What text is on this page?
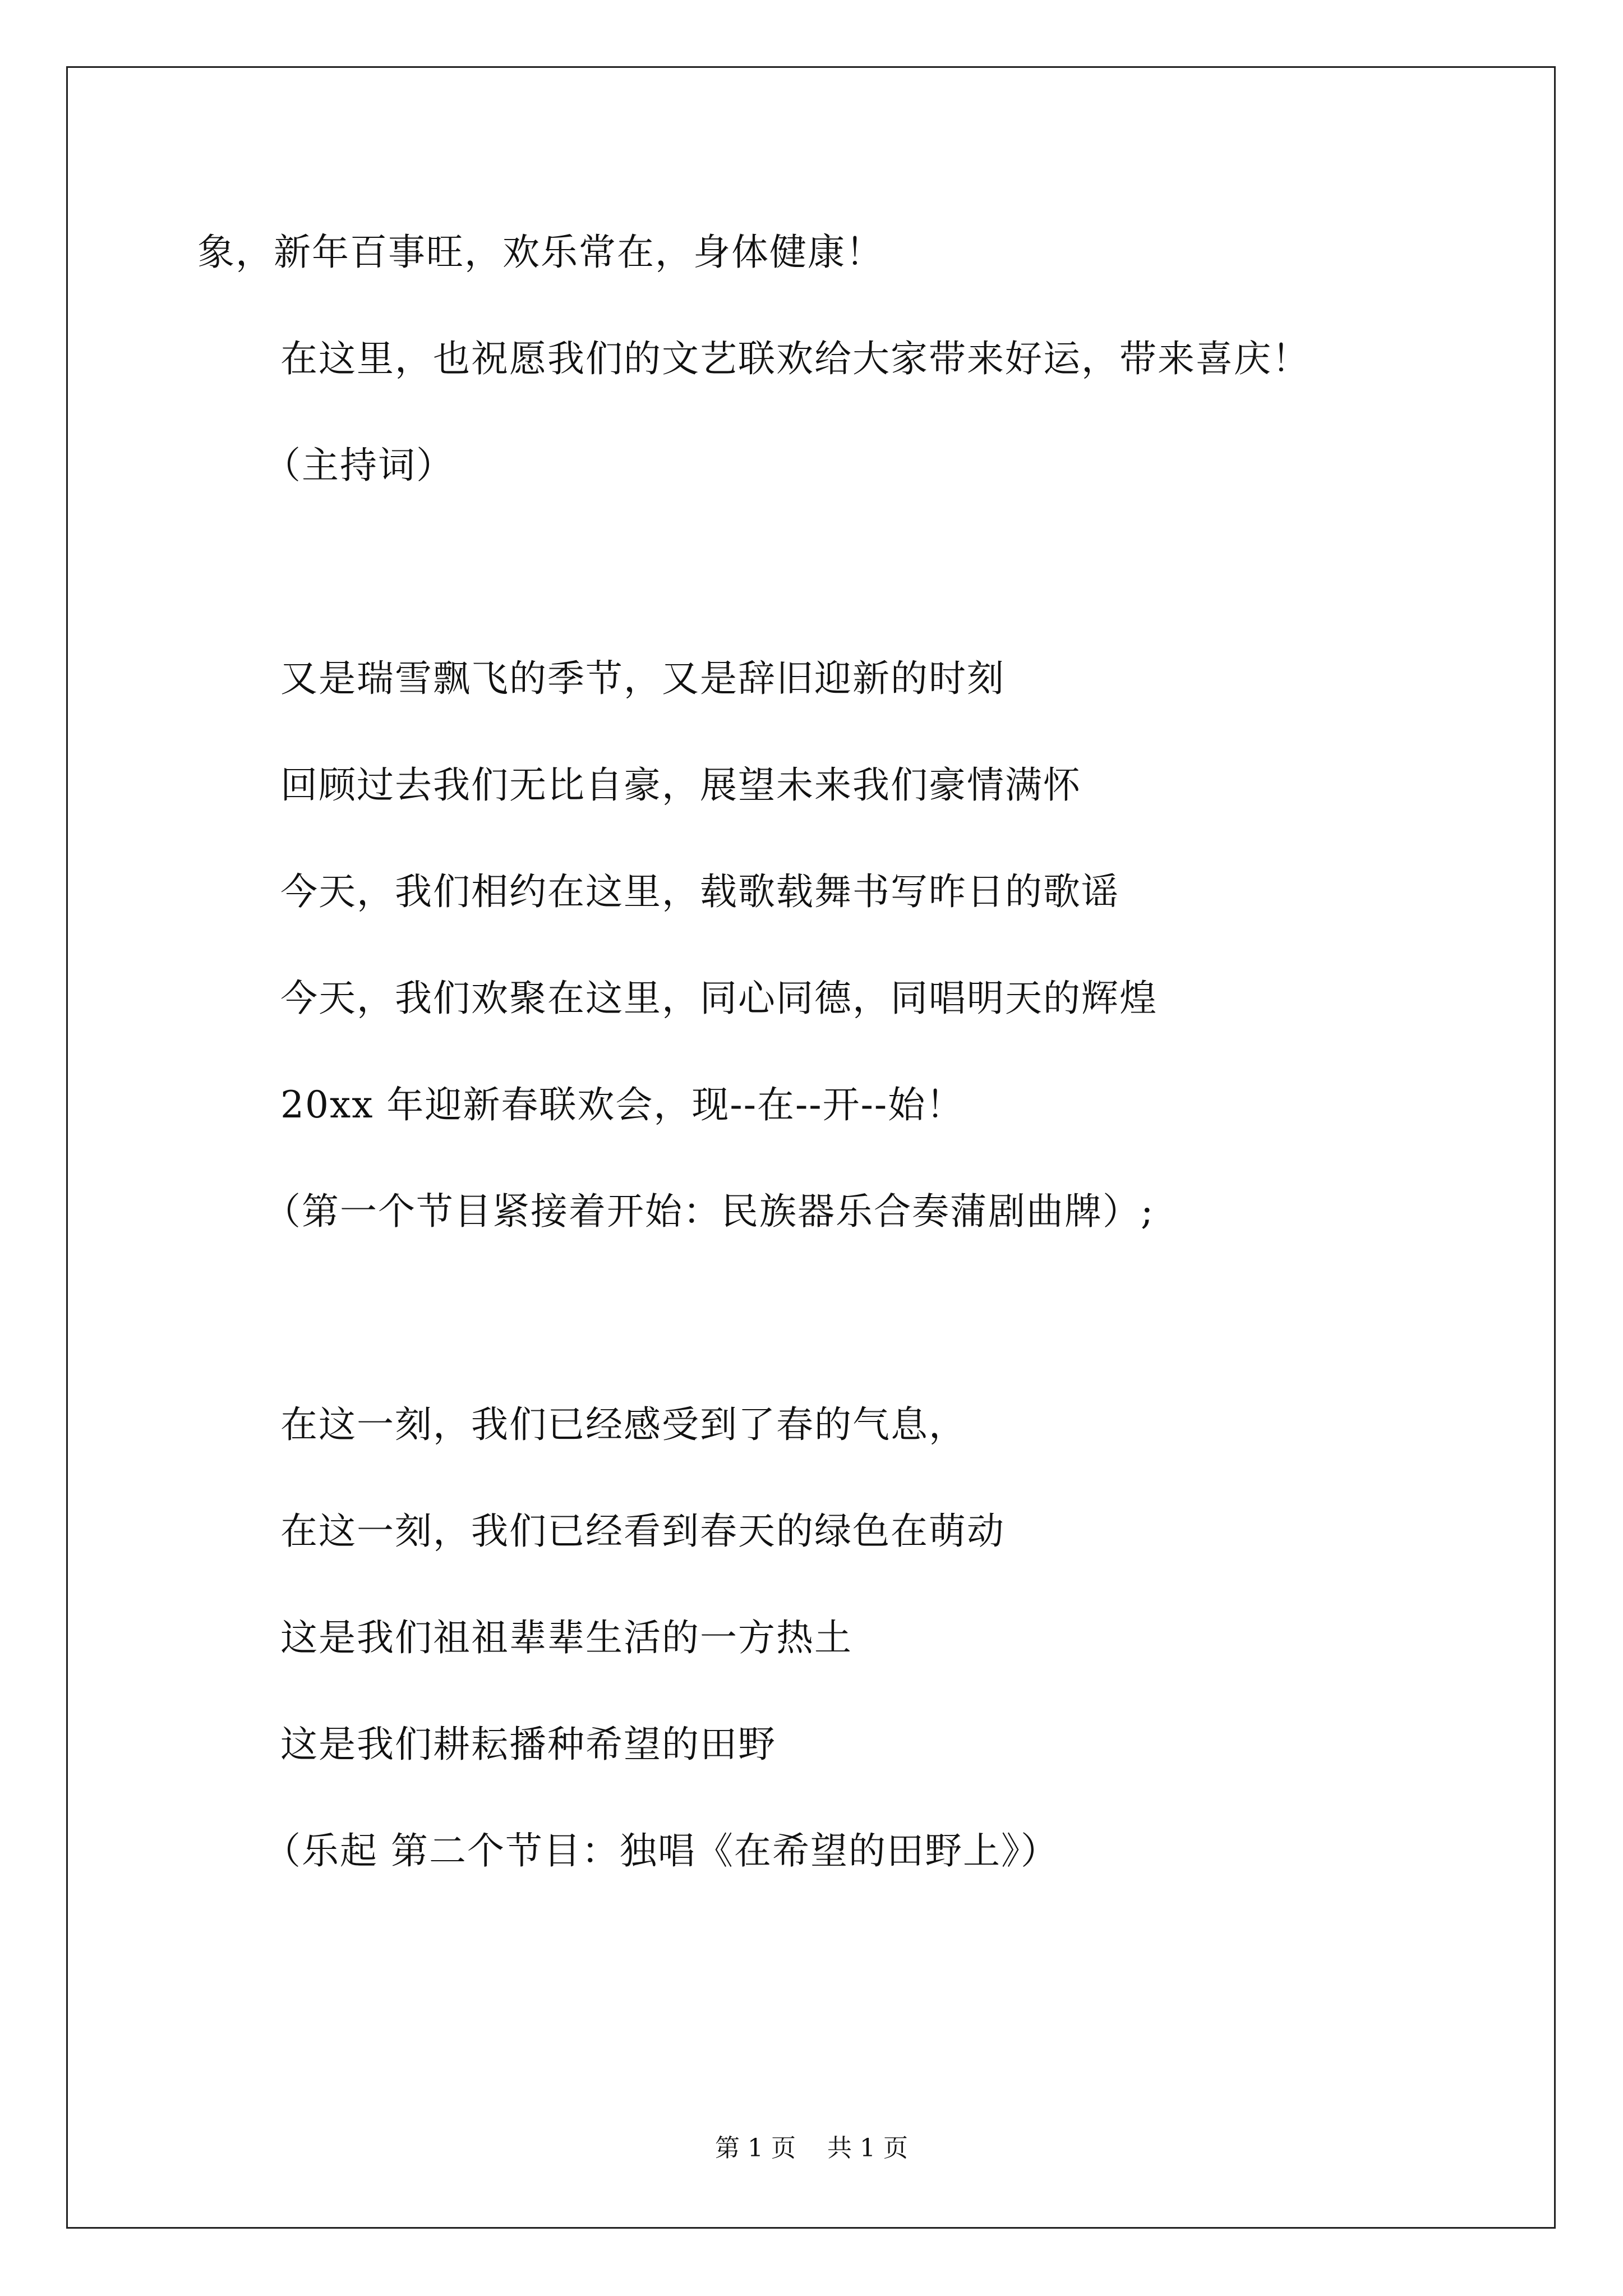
象，新年百事旺，欢乐常在，身体健康！
在这里，也祝愿我们的文艺联欢给大家带来好运，带来喜庆！
（主持词）
又是瑞雪飘飞的季节，又是辞旧迎新的时刻
回顾过去我们无比自豪，展望未来我们豪情满怀
今天，我们相约在这里，载歌载舞书写昨日的歌谣
今天，我们欢聚在这里，同心同德，同唱明天的辉煌
20xx 年迎新春联欢会，现--在--开--始！
（第一个节目紧接着开始：民族器乐合奏蒲剧曲牌）;
在这一刻，我们已经感受到了春的气息，
在这一刻，我们已经看到春天的绿色在萌动
这是我们祖祖辈辈生活的一方热土
这是我们耕耘播种希望的田野
（乐起 第二个节目：独唱《在希望的田野上》）
第 1 页 共 1 页
